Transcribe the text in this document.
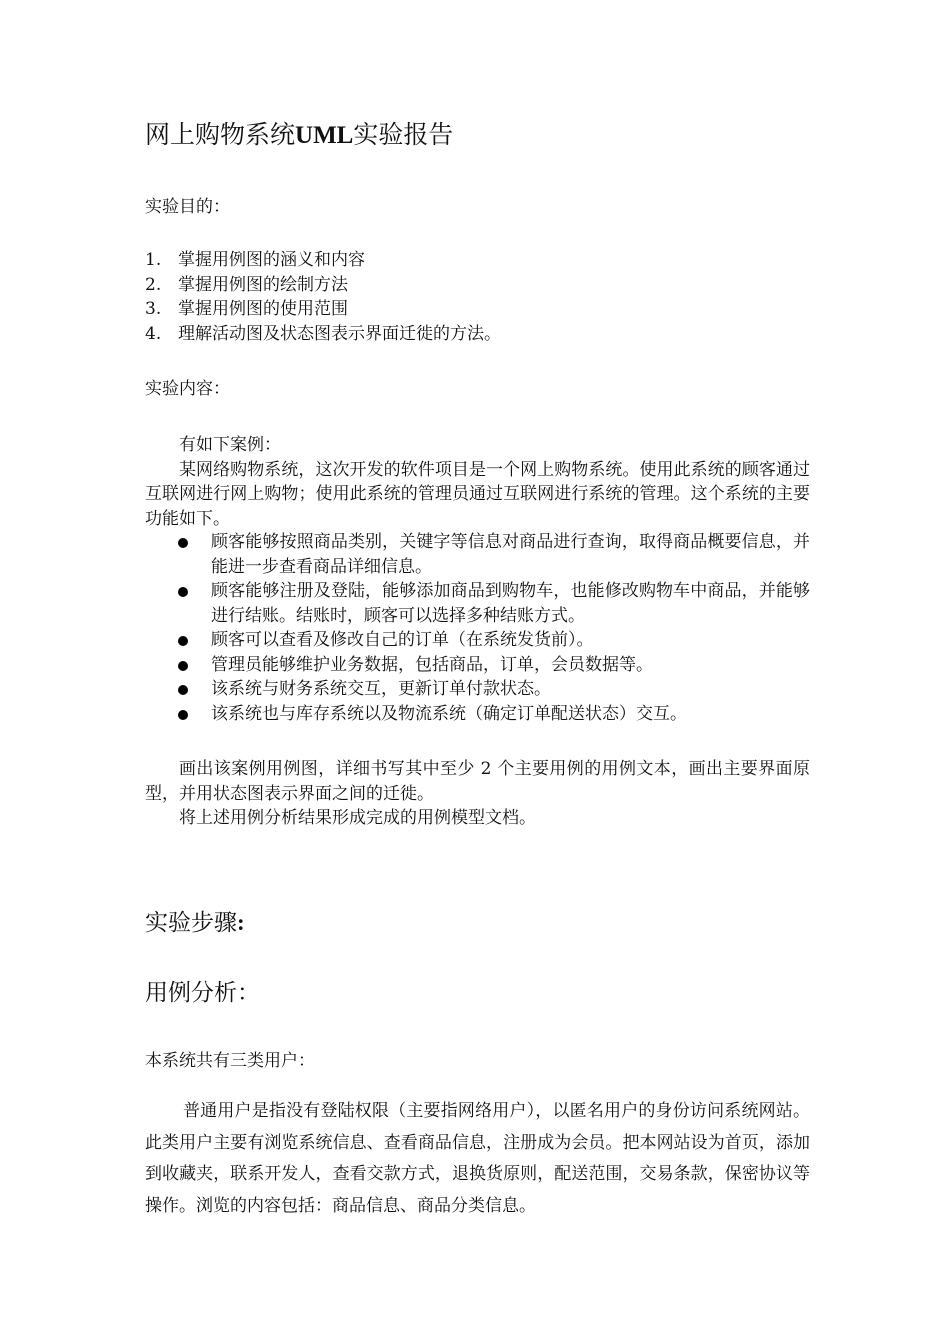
网上购物系统UML实验报告
实验目的：
1. 掌握用例图的涵义和内容
2. 掌握用例图的绘制方法
3. 掌握用例图的使用范围
4. 理解活动图及状态图表示界面迁徙的方法。
实验内容：

有如下案例：

某网络购物系统，这次开发的软件项目是一个网上购物系统。使用此系统的顾客通过互联网进行网上购物；使用此系统的管理员通过互联网进行系统的管理。这个系统的主要功能如下。

顾客能够按照商品类别，关键字等信息对商品进行查询，取得商品概要信息，并能进一步查看商品详细信息。
顾客能够注册及登陆，能够添加商品到购物车，也能修改购物车中商品，并能够进行结账。结账时，顾客可以选择多种结账方式。
顾客可以查看及修改自己的订单（在系统发货前）。
管理员能够维护业务数据，包括商品，订单，会员数据等。
该系统与财务系统交互，更新订单付款状态。
该系统也与库存系统以及物流系统（确定订单配送状态）交互。

画出该案例用例图，详细书写其中至少 2 个主要用例的用例文本，画出主要界面原型，并用状态图表示界面之间的迁徙。

将上述用例分析结果形成完成的用例模型文档。

实验步骤:
用例分析：
本系统共有三类用户：

普通用户是指没有登陆权限（主要指网络用户），以匿名用户的身份访问系统网站。此类用户主要有浏览系统信息、查看商品信息，注册成为会员。把本网站设为首页，添加到收藏夹，联系开发人，查看交款方式，退换货原则，配送范围，交易条款，保密协议等操作。浏览的内容包括：商品信息、商品分类信息。
